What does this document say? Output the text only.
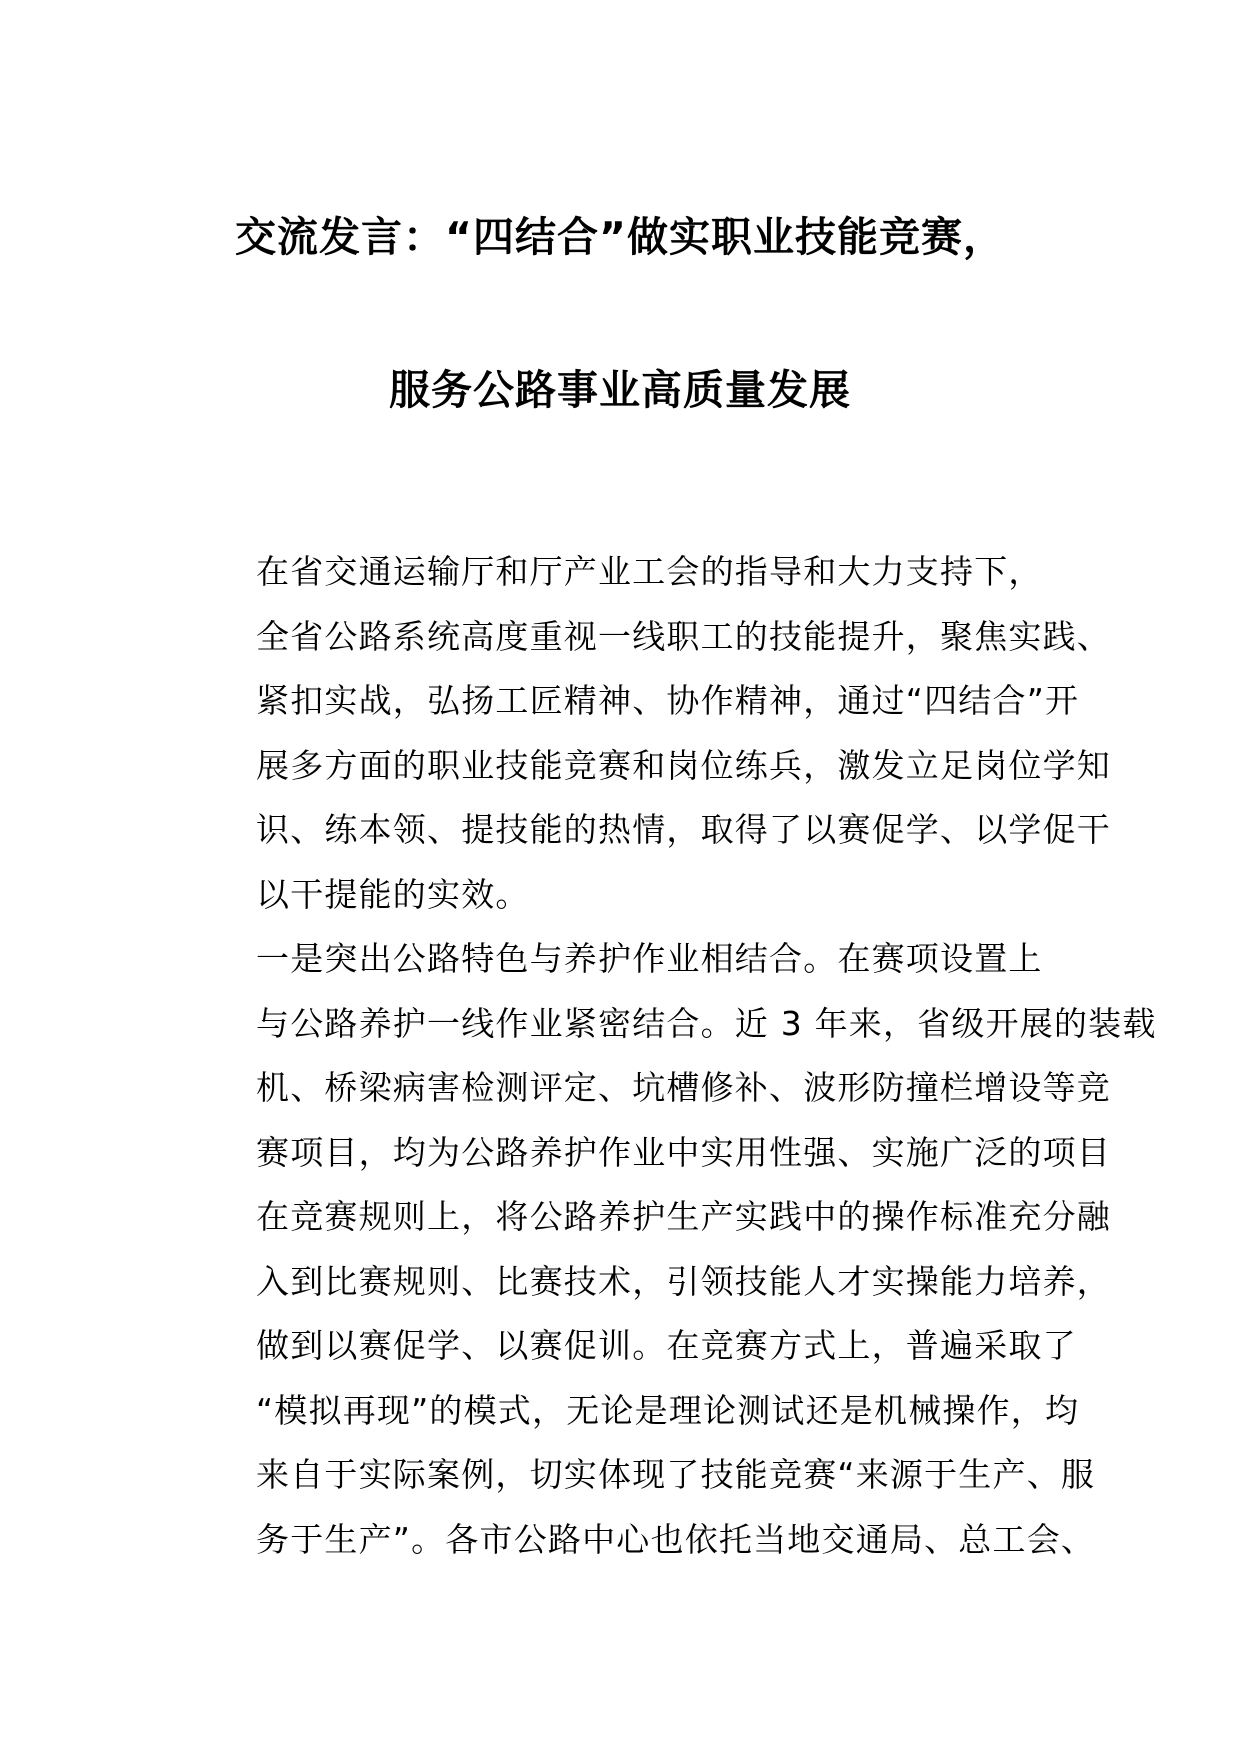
交流发言：“四结合”做实职业技能竞赛，
服务公路事业高质量发展

在省交通运输厅和厅产业工会的指导和大力支持下，
全省公路系统高度重视一线职工的技能提升，聚焦实践、
紧扣实战，弘扬工匠精神、协作精神，通过“四结合”开
展多方面的职业技能竞赛和岗位练兵，激发立足岗位学知
识、练本领、提技能的热情，取得了以赛促学、以学促干
以干提能的实效。

一是突出公路特色与养护作业相结合。在赛项设置上
与公路养护一线作业紧密结合。近 3 年来，省级开展的装载
机、桥梁病害检测评定、坑槽修补、波形防撞栏增设等竞
赛项目，均为公路养护作业中实用性强、实施广泛的项目
在竞赛规则上，将公路养护生产实践中的操作标准充分融
入到比赛规则、比赛技术，引领技能人才实操能力培养，
做到以赛促学、以赛促训。在竞赛方式上，普遍采取了
“模拟再现”的模式，无论是理论测试还是机械操作，均
来自于实际案例，切实体现了技能竞赛“来源于生产、服
务于生产”。各市公路中心也依托当地交通局、总工会、
